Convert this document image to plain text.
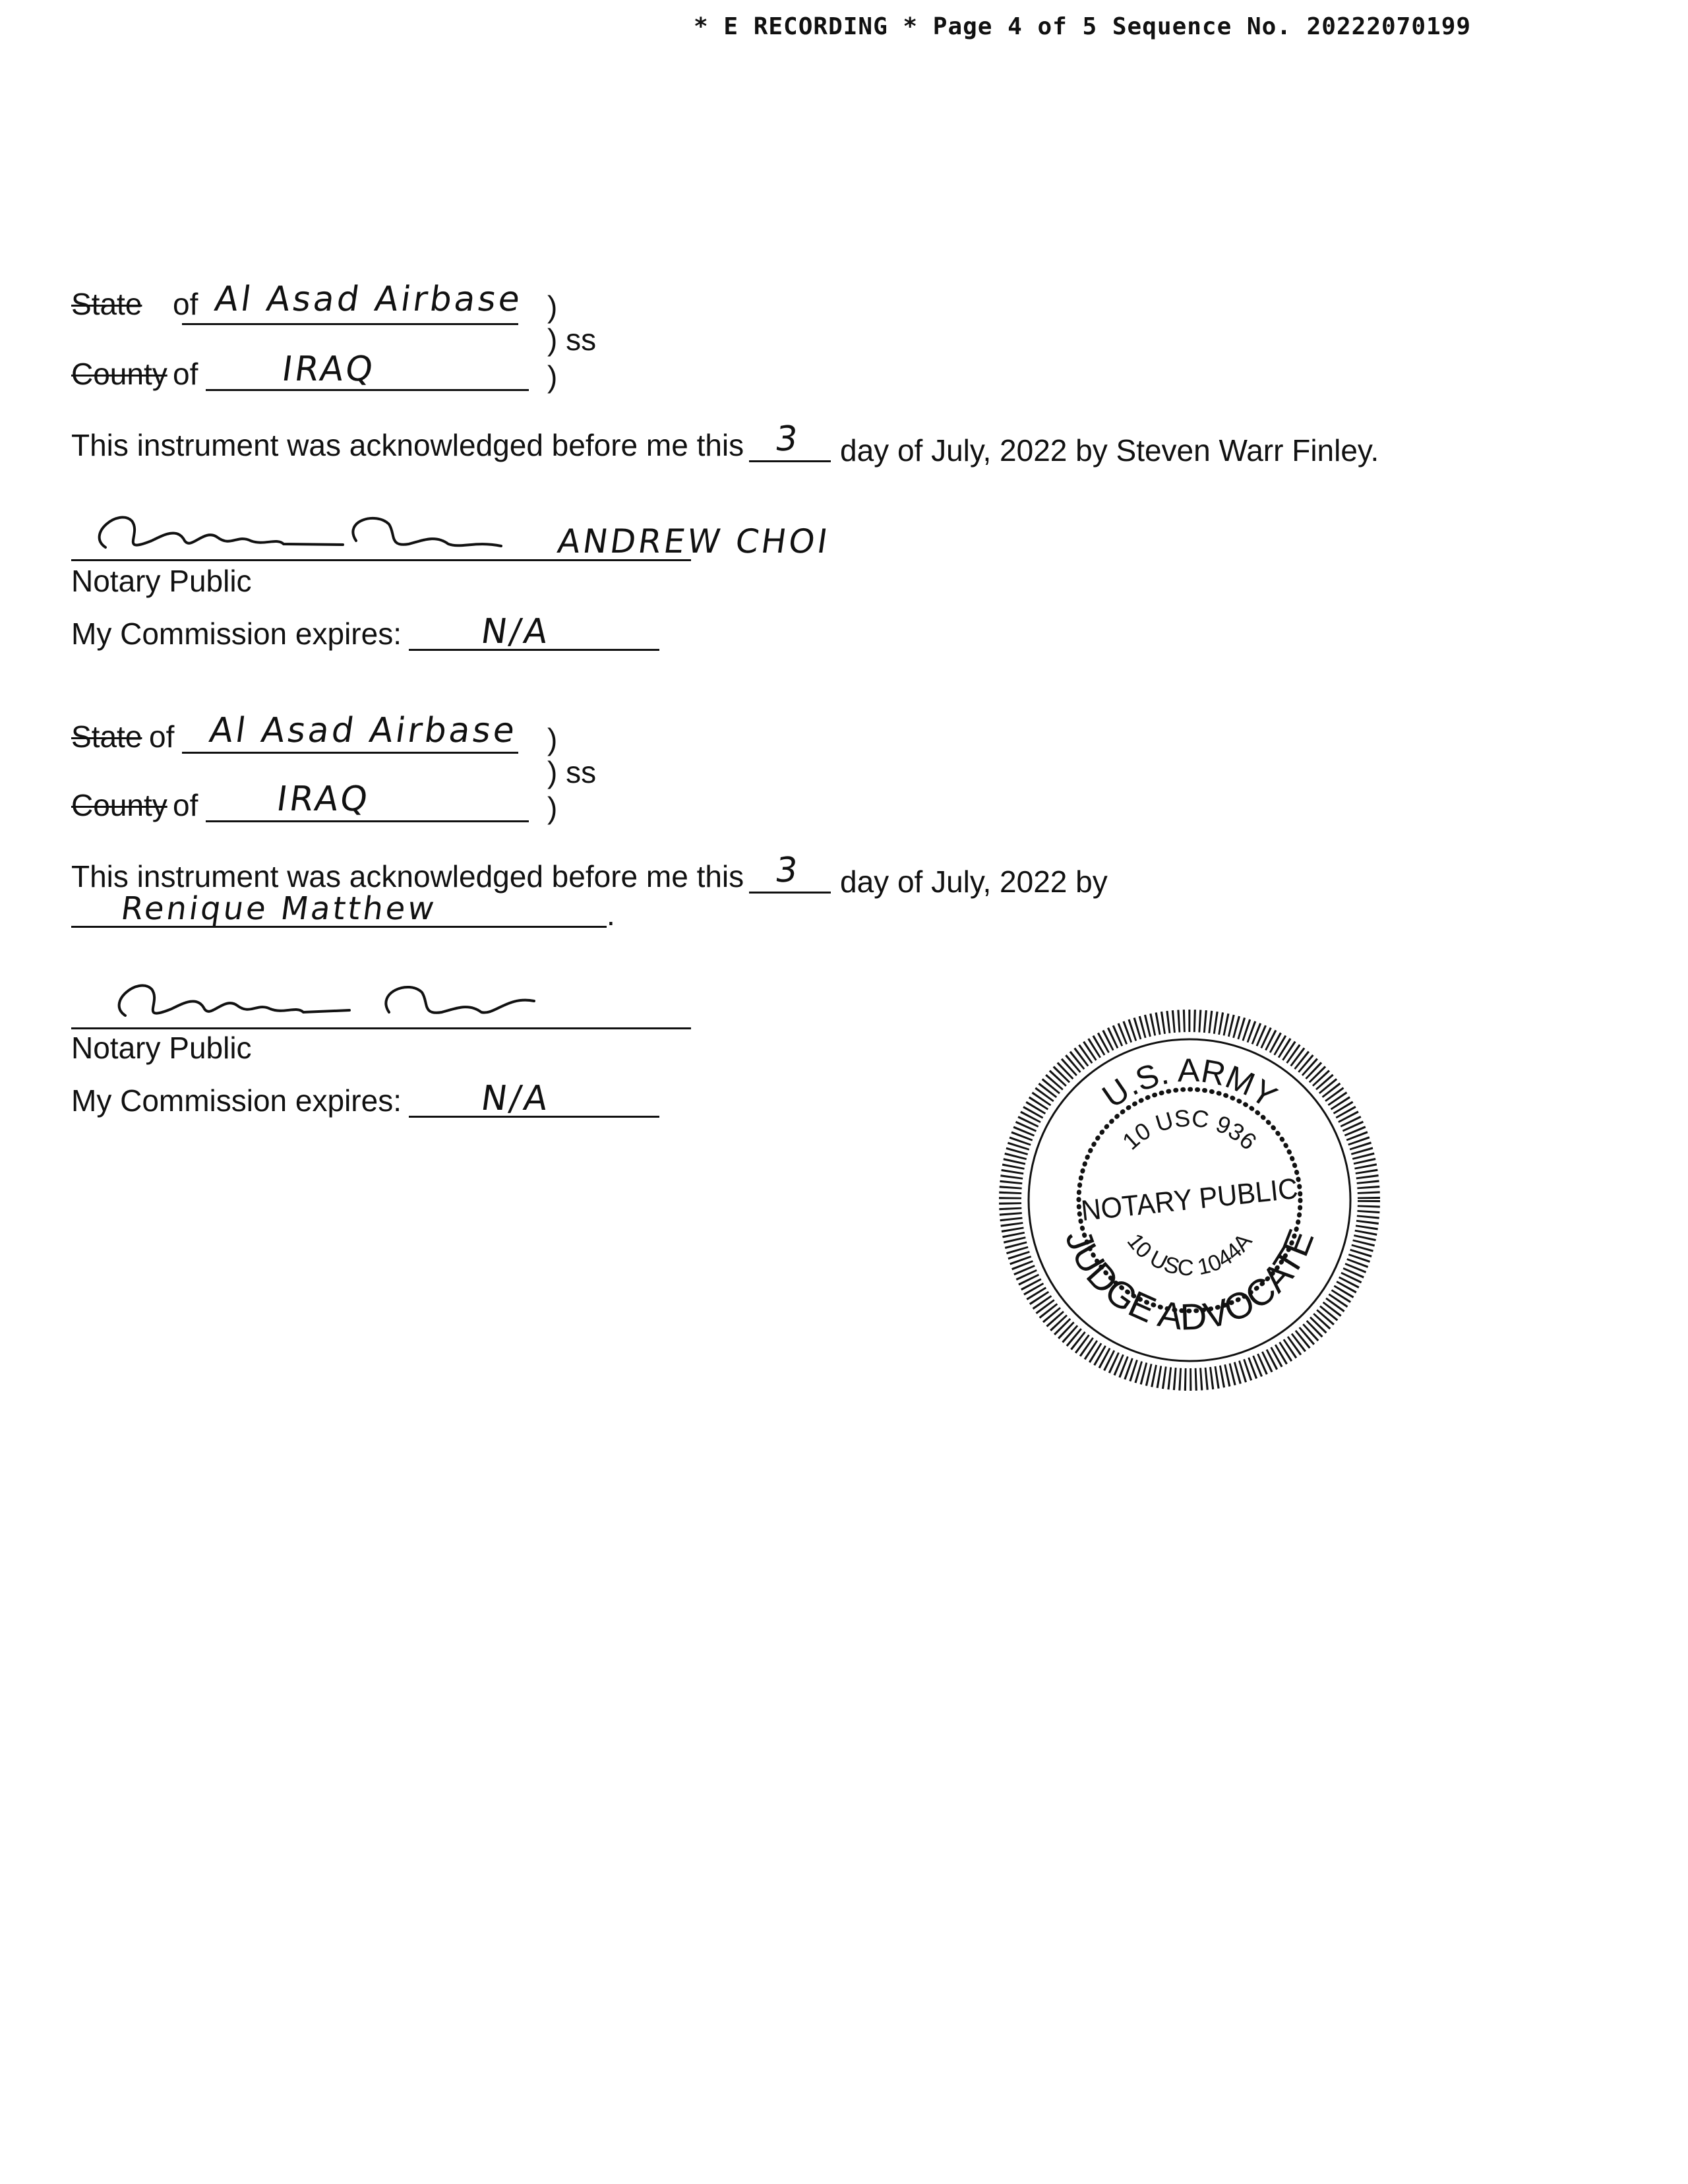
* E RECORDING * Page 4 of 5 Sequence No. 20222070199
State of Al Asad Airbase )
) ss
County of IRAQ	)
This instrument was acknowledged before me this 3 day of July, 2022 by Steven Warr Finley.
ANDREW CHOI
Notary Public
My Commission expires: N/A
State of Al Asad Airbase )
) ss
County of IRAQ	)
This instrument was acknowledged before me this 3 day of July, 2022 by
Renique Matthew	.
Notary Public
My Commission expires: N/A	U.S. ARMY
JUDGE ADVOCATE
10 USC 936
10 USC 1044A
NOTARY PUBLIC
